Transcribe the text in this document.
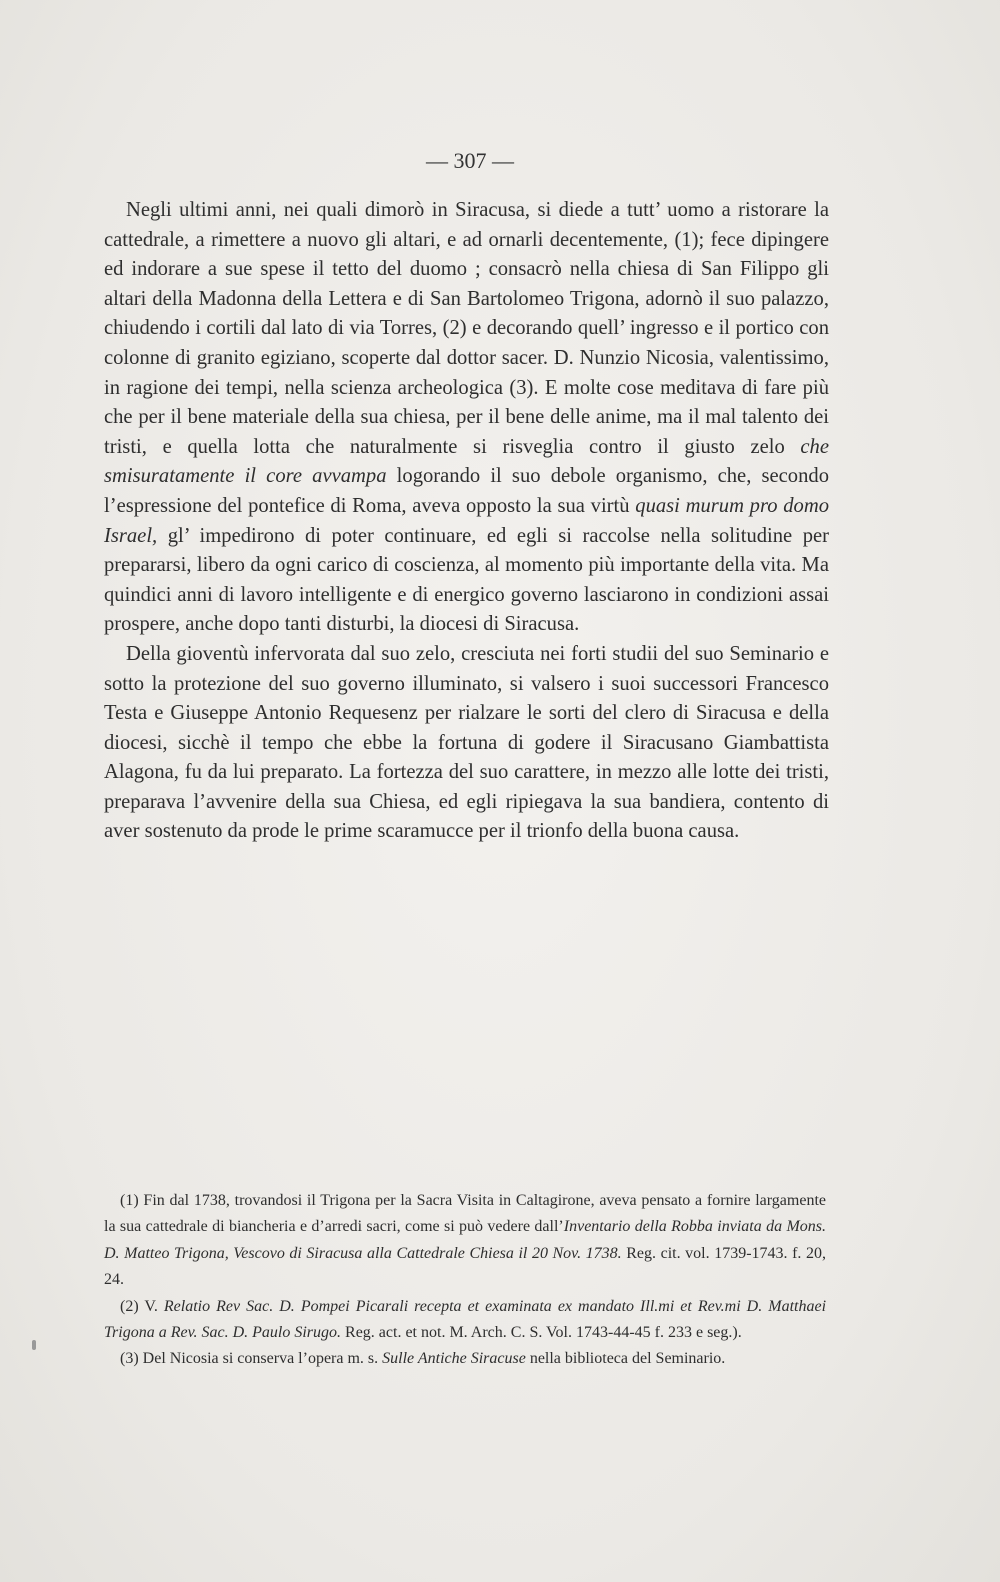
— 307 —

Negli ultimi anni, nei quali dimorò in Siracusa, si diede a tutt’ uomo a ristorare la cattedrale, a rimettere a nuovo gli altari, e ad ornarli decentemente, (1); fece dipingere ed indorare a sue spese il tetto del duomo ; consacrò nella chiesa di San Filippo gli altari della Madonna della Lettera e di San Bartolomeo Trigona, adornò il suo palazzo, chiudendo i cortili dal lato di via Torres, (2) e decorando quell’ ingresso e il portico con colonne di granito egiziano, scoperte dal dottor sacer. D. Nunzio Nicosia, valentissimo, in ragione dei tempi, nella scienza archeologica (3). E molte cose meditava di fare più che per il bene materiale della sua chiesa, per il bene delle anime, ma il mal talento dei tristi, e quella lotta che naturalmente si risveglia contro il giusto zelo che smisuratamente il core avvampa logorando il suo debole organismo, che, secondo l’espressione del pontefice di Roma, aveva opposto la sua virtù quasi murum pro domo Israel, gl’ impedirono di poter continuare, ed egli si raccolse nella solitudine per prepararsi, libero da ogni carico di coscienza, al momento più importante della vita. Ma quindici anni di lavoro intelligente e di energico governo lasciarono in condizioni assai prospere, anche dopo tanti disturbi, la diocesi di Siracusa.

Della gioventù infervorata dal suo zelo, cresciuta nei forti studii del suo Seminario e sotto la protezione del suo governo illuminato, si valsero i suoi successori Francesco Testa e Giuseppe Antonio Requesenz per rialzare le sorti del clero di Siracusa e della diocesi, sicchè il tempo che ebbe la fortuna di godere il Siracusano Giambattista Alagona, fu da lui preparato. La fortezza del suo carattere, in mezzo alle lotte dei tristi, preparava l’avvenire della sua Chiesa, ed egli ripiegava la sua bandiera, contento di aver sostenuto da prode le prime scaramucce per il trionfo della buona causa.

(1) Fin dal 1738, trovandosi il Trigona per la Sacra Visita in Caltagirone, aveva pensato a fornire largamente la sua cattedrale di biancheria e d’arredi sacri, come si può vedere dall’Inventario della Robba inviata da Mons. D. Matteo Trigona, Vescovo di Siracusa alla Cattedrale Chiesa il 20 Nov. 1738. Reg. cit. vol. 1739-1743. f. 20, 24.

(2) V. Relatio Rev Sac. D. Pompei Picarali recepta et examinata ex mandato Ill.mi et Rev.mi D. Matthaei Trigona a Rev. Sac. D. Paulo Sirugo. Reg. act. et not. M. Arch. C. S. Vol. 1743-44-45 f. 233 e seg.).

(3) Del Nicosia si conserva l’opera m. s. Sulle Antiche Siracuse nella biblioteca del Seminario.
